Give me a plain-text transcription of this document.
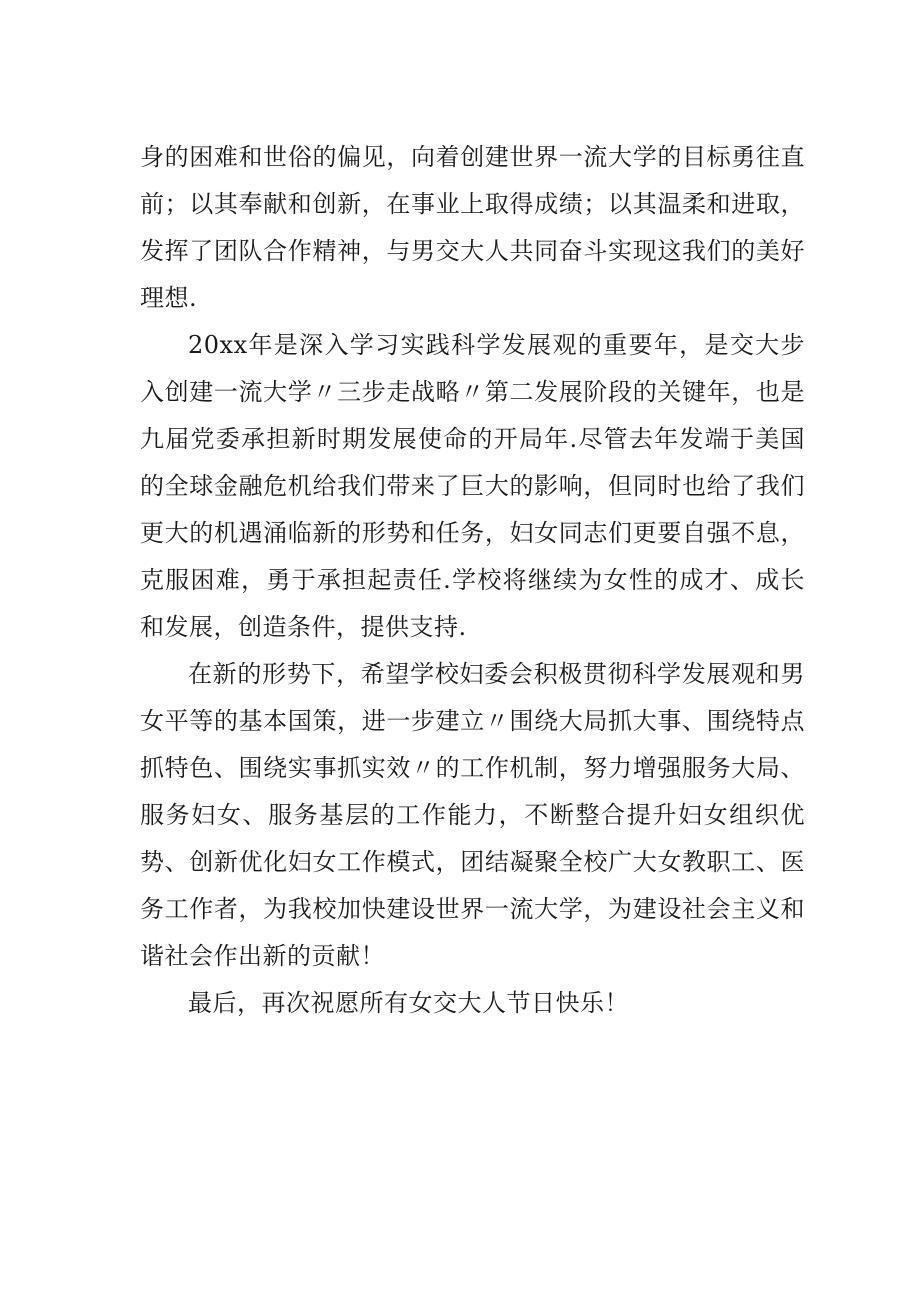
身的困难和世俗的偏见，向着创建世界一流大学的目标勇往直前；以其奉献和创新，在事业上取得成绩；以其温柔和进取，发挥了团队合作精神，与男交大人共同奋斗实现这我们的美好理想.

20xx年是深入学习实践科学发展观的重要年，是交大步入创建一流大学〃三步走战略〃第二发展阶段的关键年，也是九届党委承担新时期发展使命的开局年.尽管去年发端于美国的全球金融危机给我们带来了巨大的影响，但同时也给了我们更大的机遇涌临新的形势和任务，妇女同志们更要自强不息，克服困难，勇于承担起责任.学校将继续为女性的成才、成长和发展，创造条件，提供支持.

在新的形势下，希望学校妇委会积极贯彻科学发展观和男女平等的基本国策，进一步建立〃围绕大局抓大事、围绕特点抓特色、围绕实事抓实效〃的工作机制，努力增强服务大局、服务妇女、服务基层的工作能力，不断整合提升妇女组织优势、创新优化妇女工作模式，团结凝聚全校广大女教职工、医务工作者，为我校加快建设世界一流大学，为建设社会主义和谐社会作出新的贡献！

最后，再次祝愿所有女交大人节日快乐！
